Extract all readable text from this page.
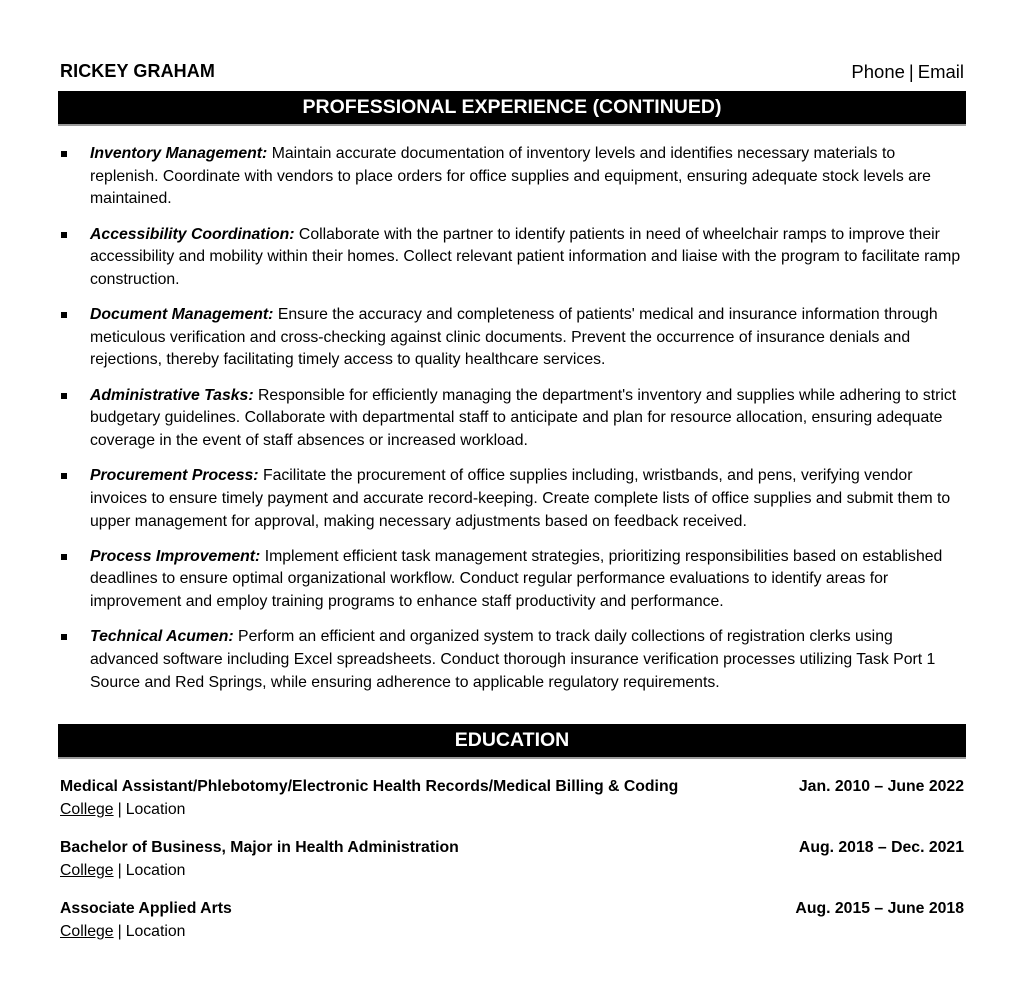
RICKEY GRAHAM	Phone | Email
PROFESSIONAL EXPERIENCE (CONTINUED)
Inventory Management: Maintain accurate documentation of inventory levels and identifies necessary materials to replenish. Coordinate with vendors to place orders for office supplies and equipment, ensuring adequate stock levels are maintained.
Accessibility Coordination: Collaborate with the partner to identify patients in need of wheelchair ramps to improve their accessibility and mobility within their homes. Collect relevant patient information and liaise with the program to facilitate ramp construction.
Document Management: Ensure the accuracy and completeness of patients' medical and insurance information through meticulous verification and cross-checking against clinic documents. Prevent the occurrence of insurance denials and rejections, thereby facilitating timely access to quality healthcare services.
Administrative Tasks: Responsible for efficiently managing the department's inventory and supplies while adhering to strict budgetary guidelines. Collaborate with departmental staff to anticipate and plan for resource allocation, ensuring adequate coverage in the event of staff absences or increased workload.
Procurement Process: Facilitate the procurement of office supplies including, wristbands, and pens, verifying vendor invoices to ensure timely payment and accurate record-keeping. Create complete lists of office supplies and submit them to upper management for approval, making necessary adjustments based on feedback received.
Process Improvement: Implement efficient task management strategies, prioritizing responsibilities based on established deadlines to ensure optimal organizational workflow. Conduct regular performance evaluations to identify areas for improvement and employ training programs to enhance staff productivity and performance.
Technical Acumen: Perform an efficient and organized system to track daily collections of registration clerks using advanced software including Excel spreadsheets. Conduct thorough insurance verification processes utilizing Task Port 1 Source and Red Springs, while ensuring adherence to applicable regulatory requirements.
EDUCATION
Medical Assistant/Phlebotomy/Electronic Health Records/Medical Billing & Coding	Jan. 2010 – June 2022
College | Location
Bachelor of Business, Major in Health Administration	Aug. 2018 – Dec. 2021
College | Location
Associate Applied Arts	Aug. 2015 – June 2018
College | Location
